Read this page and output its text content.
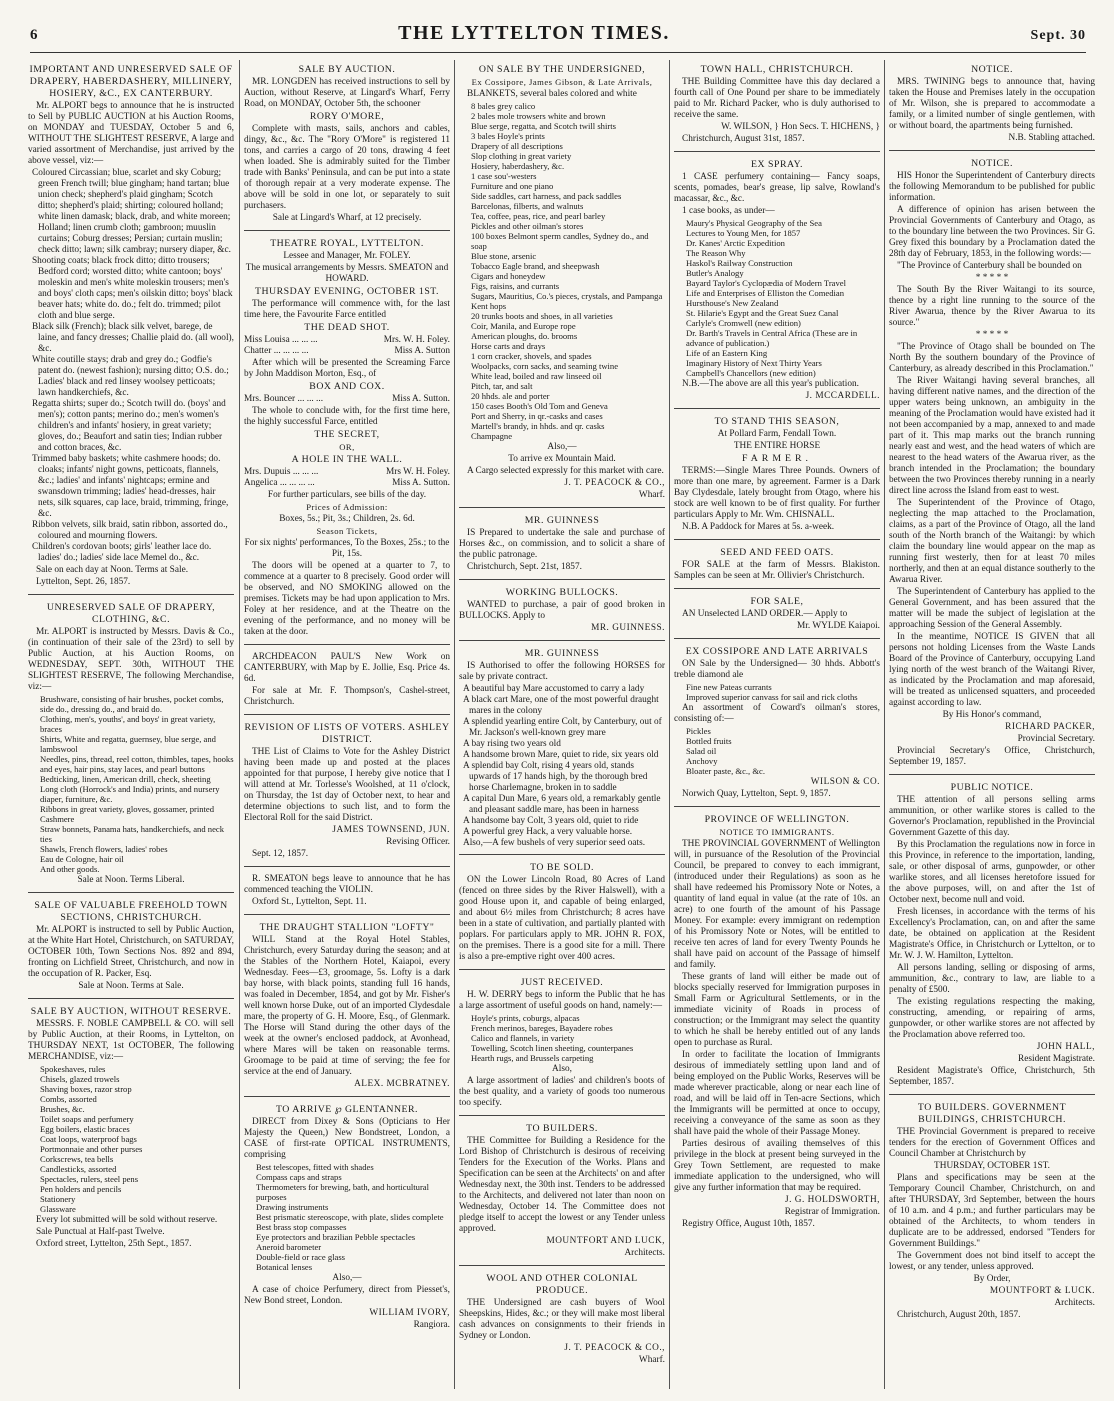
6	THE LYTTELTON TIMES.	Sept. 30
IMPORTANT AND UNRESERVED SALE OF DRAPERY, HABERDASHERY, MILLINERY, HOSIERY, &C., EX CANTERBURY.
Mr. ALPORT begs to announce that he is instructed to Sell by PUBLIC AUCTION at his Auction Rooms, on MONDAY and TUESDAY, October 5 and 6, WITHOUT THE SLIGHTEST RESERVE, A large and varied assortment of Merchandise, just arrived by the above vessel, viz:—
Coloured Circassian; blue, scarlet and sky Coburg; green French twill; blue gingham; hand tartan; blue union check; shepherd's plaid gingham; Scotch ditto; shepherd's plaid; shirting; coloured holland; white linen damask; black, drab, and white moreen; Holland; linen crumb cloth; gambroon; muuslin curtains; Coburg dresses; Persian; curtain muslin; check ditto; lawn; silk cambray; nursery diaper, &c.
Shooting coats; black frock ditto; ditto trousers; Bedford cord; worsted ditto; white cantoon; boys' moleskin and men's white moleskin trousers; men's and boys' cloth caps; men's oilskin ditto; boys' black beaver hats; white do. do.; felt do. trimmed; pilot cloth and blue serge.
Black silk (French); black silk velvet, barege, de laine, and fancy dresses; Challie plaid do. (all wool), &c.
White coutille stays; drab and grey do.; Godfie's patent do. (newest fashion); nursing ditto; O.S. do.; Ladies' black and red linsey woolsey petticoats; lawn handkerchiefs, &c.
Regatta shirts; super do.; Scotch twill do. (boys' and men's); cotton pants; merino do.; men's women's children's and infants' hosiery, in great variety; gloves, do.; Beaufort and satin ties; Indian rubber and cotton braces, &c.
Trimmed baby baskets; white cashmere hoods; do. cloaks; infants' night gowns, petticoats, flannels, &c.; ladies' and infants' nightcaps; ermine and swansdown trimming; ladies' head-dresses, hair nets, silk squares, cap lace, braid, trimming, fringe, &c.
Ribbon velvets, silk braid, satin ribbon, assorted do., coloured and mourning flowers.
Children's cordovan boots; girls' leather lace do. ladies' do.; ladies' side lace Memel do., &c.
Sale on each day at Noon. Terms at Sale.
Lyttelton, Sept. 26, 1857.
UNRESERVED SALE OF DRAPERY, CLOTHING, &C.
Mr. ALPORT is instructed by Messrs. Davis & Co., (in continuation of their sale of the 23rd) to sell by Public Auction, at his Auction Rooms, on WEDNESDAY, SEPT. 30th, WITHOUT THE SLIGHTEST RESERVE, The following Merchandise, viz:—
Brushware, consisting of hair brushes, pocket combs, side do., dressing do., and braid do.
Clothing, men's, youths', and boys' in great variety, braces
Shirts, White and regatta, guernsey, blue serge, and lambswool
Needles, pins, thread, reel cotton, thimbles, tapes, hooks and eyes, hair pins, stay laces, and pearl buttons
Bedticking, linen, American drill, check, sheeting
Long cloth (Horrock's and India) prints, and nursery diaper, furniture, &c.
Ribbons in great variety, gloves, gossamer, printed Cashmere
Straw bonnets, Panama hats, handkerchiefs, and neck ties
Shawls, French flowers, ladies' robes
Eau de Cologne, hair oil
And other goods.
Sale at Noon. Terms Liberal.
SALE OF VALUABLE FREEHOLD TOWN SECTIONS, CHRISTCHURCH.
Mr. ALPORT is instructed to sell by Public Auction, at the White Hart Hotel, Christchurch, on SATURDAY, OCTOBER 10th, Town Sections Nos. 892 and 894, fronting on Lichfield Street, Christchurch, and now in the occupation of R. Packer, Esq.
Sale at Noon. Terms at Sale.
SALE BY AUCTION, WITHOUT RESERVE.
MESSRS. F. NOBLE CAMPBELL & CO. will sell by Public Auction, at their Rooms, in Lyttelton, on THURSDAY NEXT, 1st OCTOBER, The following MERCHANDISE, viz:—
Spokeshaves, rules
Chisels, glazed trowels
Shaving boxes, razor strop
Combs, assorted
Brushes, &c.
Toilet soaps and perfumery
Egg boilers, elastic braces
Coat loops, waterproof bags
Portmonnaie and other purses
Corkscrews, tea bells
Candlesticks, assorted
Spectacles, rulers, steel pens
Pen holders and pencils
Stationery
Glassware
Every lot submitted will be sold without reserve.
Sale Punctual at Half-past Twelve.
Oxford street, Lyttelton, 25th Sept., 1857.
SALE BY AUCTION.
MR. LONGDEN has received instructions to sell by Auction, without Reserve, at Lingard's Wharf, Ferry Road, on MONDAY, October 5th, the schooner
RORY O'MORE,
Complete with masts, sails, anchors and cables, dingy, &c., &c. The "Rory O'More" is registered 11 tons, and carries a cargo of 20 tons, drawing 4 feet when loaded. She is admirably suited for the Timber trade with Banks' Peninsula, and can be put into a state of thorough repair at a very moderate expense. The above will be sold in one lot, or separately to suit purchasers.
Sale at Lingard's Wharf, at 12 precisely.
THEATRE ROYAL, LYTTELTON.
Lessee and Manager, Mr. FOLEY.
The musical arrangements by Messrs. SMEATON and HOWARD.
THURSDAY EVENING, OCTOBER 1ST.
The performance will commence with, for the last time here, the Favourite Farce entitled
THE DEAD SHOT.
Miss Louisa ... ... ...	Mrs. W. H. Foley.
Chatter ... ... ... ...	Miss A. Sutton
After which will be presented the Screaming Farce by John Maddison Morton, Esq., of
BOX AND COX.
Mrs. Bouncer ... ... ...	Miss A. Sutton.
The whole to conclude with, for the first time here, the highly successful Farce, entitled
THE SECRET,
OR,
A HOLE IN THE WALL.
Mrs. Dupuis ... ... ...	Mrs W. H. Foley.
Angelica ... ... ... ...	Miss A. Sutton.
For further particulars, see bills of the day.
Prices of Admission:
Boxes, 5s.; Pit, 3s.; Children, 2s. 6d.
Season Tickets,
For six nights' performances, To the Boxes, 25s.; to the Pit, 15s.
The doors will be opened at a quarter to 7, to commence at a quarter to 8 precisely. Good order will be observed, and NO SMOKING allowed on the premises. Tickets may be had upon application to Mrs. Foley at her residence, and at the Theatre on the evening of the performance, and no money will be taken at the door.
ARCHDEACON PAUL'S New Work on CANTERBURY, with Map by E. Jollie, Esq. Price 4s. 6d.
For sale at Mr. F. Thompson's, Cashel-street, Christchurch.
REVISION OF LISTS OF VOTERS. ASHLEY DISTRICT.
THE List of Claims to Vote for the Ashley District having been made up and posted at the places appointed for that purpose, I hereby give notice that I will attend at Mr. Torlesse's Woolshed, at 11 o'clock, on Thursday, the 1st day of October next, to hear and determine objections to such list, and to form the Electoral Roll for the said District.
JAMES TOWNSEND, JUN.
Revising Officer.
Sept. 12, 1857.
R. SMEATON begs leave to announce that he has commenced teaching the VIOLIN.
Oxford St., Lyttelton, Sept. 11.
THE DRAUGHT STALLION "LOFTY"
WILL Stand at the Royal Hotel Stables, Christchurch, every Saturday during the season; and at the Stables of the Northern Hotel, Kaiapoi, every Wednesday. Fees—£3, groomage, 5s. Lofty is a dark bay horse, with black points, standing full 16 hands, was foaled in December, 1854, and got by Mr. Fisher's well known horse Duke, out of an imported Clydesdale mare, the property of G. H. Moore, Esq., of Glenmark. The Horse will Stand during the other days of the week at the owner's enclosed paddock, at Avonhead, where Mares will be taken on reasonable terms. Groomage to be paid at time of serving; the fee for service at the end of January.
ALEX. MCBRATNEY.
TO ARRIVE ℘ GLENTANNER.
DIRECT from Dixey & Sons (Opticians to Her Majesty the Queen,) New Bondstreet, London, a CASE of first-rate OPTICAL INSTRUMENTS, comprising
Best telescopes, fitted with shades
Compass caps and straps
Thermometers for brewing, bath, and horticultural purposes
Drawing instruments
Best prismatic stereoscope, with plate, slides complete
Best brass stop compasses
Eye protectors and brazilian Pebble spectacles
Aneroid barometer
Double-field or race glass
Botanical lenses
Also,—
A case of choice Perfumery, direct from Piesset's, New Bond street, London.
WILLIAM IVORY,
Rangiora.
ON SALE BY THE UNDERSIGNED,
Ex Cossipore, James Gibson, & Late Arrivals,
BLANKETS, several bales colored and white
8 bales grey calico
2 bales mole trowsers white and brown
Blue serge, regatta, and Scotch twill shirts
3 bales Hoyle's prints
Drapery of all descriptions
Slop clothing in great variety
Hosiery, haberdashery, &c.
1 case sou'-westers
Furniture and one piano
Side saddles, cart harness, and pack saddles
Barcelonas, filberts, and walnuts
Tea, coffee, peas, rice, and pearl barley
Pickles and other oilman's stores
100 boxes Belmont sperm candles, Sydney do., and soap
Blue stone, arsenic
Tobacco Eagle brand, and sheepwash
Cigars and honeydew
Figs, raisins, and currants
Sugars, Mauritius, Co.'s pieces, crystals, and Pampanga
Kent hops
20 trunks boots and shoes, in all varieties
Coir, Manila, and Europe rope
American ploughs, do. brooms
Horse carts and drays
1 corn cracker, shovels, and spades
Woolpacks, corn sacks, and seaming twine
White lead, boiled and raw linseed oil
Pitch, tar, and salt
20 hhds. ale and porter
150 cases Booth's Old Tom and Geneva
Port and Sherry, in qr.-casks and cases
Martell's brandy, in hhds. and qr. casks
Champagne
Also,—
To arrive ex Mountain Maid.
A Cargo selected expressly for this market with care.
J. T. PEACOCK & CO.,
Wharf.
MR. GUINNESS
IS Prepared to undertake the sale and purchase of Horses &c., on commission, and to solicit a share of the public patronage.
Christchurch, Sept. 21st, 1857.
WORKING BULLOCKS.
WANTED to purchase, a pair of good broken in BULLOCKS. Apply to
MR. GUINNESS.
MR. GUINNESS
IS Authorised to offer the following HORSES for sale by private contract.
A beautiful bay Mare accustomed to carry a lady
A black cart Mare, one of the most powerful draught mares in the colony
A splendid yearling entire Colt, by Canterbury, out of Mr. Jackson's well-known grey mare
A bay rising two years old
A handsome brown Mare, quiet to ride, six years old
A splendid bay Colt, rising 4 years old, stands upwards of 17 hands high, by the thorough bred horse Charlemagne, broken in to saddle
A capital Dun Mare, 6 years old, a remarkably gentle and pleasant saddle mare, has been in harness
A handsome bay Colt, 3 years old, quiet to ride
A powerful grey Hack, a very valuable horse.
Also,—A few bushels of very superior seed oats.
TO BE SOLD.
ON the Lower Lincoln Road, 80 Acres of Land (fenced on three sides by the River Halswell), with a good House upon it, and capable of being enlarged, and about 6½ miles from Christchurch; 8 acres have been in a state of cultivation, and partially planted with poplars. For particulars apply to MR. JOHN R. FOX, on the premises. There is a good site for a mill. There is also a pre-emptive right over 400 acres.
JUST RECEIVED.
H. W. DERRY begs to inform the Public that he has a large assortment of useful goods on hand, namely:—
Hoyle's prints, coburgs, alpacas
French merinos, bareges, Bayadere robes
Calico and flannels, in variety
Towelling, Scotch linen sheeting, counterpanes
Hearth rugs, and Brussels carpeting
Also,
A large assortment of ladies' and children's boots of the best quality, and a variety of goods too numerous too specify.
TO BUILDERS.
THE Committee for Building a Residence for the Lord Bishop of Christchurch is desirous of receiving Tenders for the Execution of the Works. Plans and Specification can be seen at the Architects' on and after Wednesday next, the 30th inst. Tenders to be addressed to the Architects, and delivered not later than noon on Wednesday, October 14. The Committee does not pledge itself to accept the lowest or any Tender unless approved.
MOUNTFORT AND LUCK,
Architects.
WOOL AND OTHER COLONIAL PRODUCE.
THE Undersigned are cash buyers of Wool Sheepskins, Hides, &c.; or they will make most liberal cash advances on consignments to their friends in Sydney or London.
J. T. PEACOCK & CO.,
Wharf.
TOWN HALL, CHRISTCHURCH.
THE Building Committee have this day declared a fourth call of One Pound per share to be immediately paid to Mr. Richard Packer, who is duly authorised to receive the same.
W. WILSON, } Hon Secs. T. HICHENS, }
Christchurch, August 31st, 1857.
EX SPRAY.
1 CASE perfumery containing— Fancy soaps, scents, pomades, bear's grease, lip salve, Rowland's macassar, &c., &c.
1 case books, as under—
Maury's Physical Geography of the Sea
Lectures to Young Men, for 1857
Dr. Kanes' Arctic Expedition
The Reason Why
Haskol's Railway Construction
Butler's Analogy
Bayard Taylor's Cyclopædia of Modern Travel
Life and Enterprises of Elliston the Comedian
Hursthouse's New Zealand
St. Hilarie's Egypt and the Great Suez Canal
Carlyle's Cromwell (new edition)
Dr. Barth's Travels in Central Africa (These are in advance of publication.)
Life of an Eastern King
Imaginary History of Next Thirty Years
Campbell's Chancellors (new edition)
N.B.—The above are all this year's publication.
J. MCCARDELL.
TO STAND THIS SEASON,
At Pollard Farm, Fendall Town.
THE ENTIRE HORSE
FARMER.
TERMS:—Single Mares Three Pounds. Owners of more than one mare, by agreement. Farmer is a Dark Bay Clydesdale, lately brought from Otago, where his stock are well known to be of first quality. For further particulars Apply to Mr. Wm. CHISNALL.
N.B. A Paddock for Mares at 5s. a-week.
SEED AND FEED OATS.
FOR SALE at the farm of Messrs. Blakiston. Samples can be seen at Mr. Ollivier's Christchurch.
FOR SALE,
AN Unselected LAND ORDER.— Apply to
Mr. WYLDE Kaiapoi.
EX COSSIPORE AND LATE ARRIVALS
ON Sale by the Undersigned— 30 hhds. Abbott's treble diamond ale
Fine new Pateas currants
Improved superior canvass for sail and rick cloths
An assortment of Coward's oilman's stores, consisting of:—
Pickles
Bottled fruits
Salad oil
Anchovy
Bloater paste, &c., &c.
WILSON & CO.
Norwich Quay, Lyttelton, Sept. 9, 1857.
PROVINCE OF WELLINGTON.
NOTICE TO IMMIGRANTS.
THE PROVINCIAL GOVERNMENT of Wellington will, in pursuance of the Resolution of the Provincial Council, be prepared to convey to each immigrant, (introduced under their Regulations) as soon as he shall have redeemed his Promissory Note or Notes, a quantity of land equal in value (at the rate of 10s. an acre) to one fourth of the amount of his Passage Money. For example: every immigrant on redemption of his Promissory Note or Notes, will be entitled to receive ten acres of land for every Twenty Pounds he shall have paid on account of the Passage of himself and family.
These grants of land will either be made out of blocks specially reserved for Immigration purposes in Small Farm or Agricultural Settlements, or in the immediate vicinity of Roads in process of construction; or the Immigrant may select the quantity to which he shall be hereby entitled out of any lands open to purchase as Rural.
In order to facilitate the location of Immigrants desirous of immediately settling upon land and of being employed on the Public Works, Reserves will be made wherever practicable, along or near each line of road, and will be laid off in Ten-acre Sections, which the Immigrants will be permitted at once to occupy, receiving a conveyance of the same as soon as they shall have paid the whole of their Passage Money.
Parties desirous of availing themselves of this privilege in the block at present being surveyed in the Grey Town Settlement, are requested to make immediate application to the undersigned, who will give any further information that may be required.
J. G. HOLDSWORTH,
Registrar of Immigration.
Registry Office, August 10th, 1857.
NOTICE.
MRS. TWINING begs to announce that, having taken the House and Premises lately in the occupation of Mr. Wilson, she is prepared to accommodate a family, or a limited number of single gentlemen, with or without board, the apartments being furnished.
N.B. Stabling attached.
NOTICE.
HIS Honor the Superintendent of Canterbury directs the following Memorandum to be published for public information.
A difference of opinion has arisen between the Provincial Governments of Canterbury and Otago, as to the boundary line between the two Provinces. Sir G. Grey fixed this boundary by a Proclamation dated the 28th day of February, 1853, in the following words:—
"The Province of Canterbury shall be bounded on
* * * * *
The South By the River Waitangi to its source, thence by a right line running to the source of the River Awarua, thence by the River Awarua to its source."
* * * * *
"The Province of Otago shall be bounded on The North By the southern boundary of the Province of Canterbury, as already described in this Proclamation."
The River Waitangi having several branches, all having different native names, and the direction of the upper waters being unknown, an ambiguity in the meaning of the Proclamation would have existed had it not been accompanied by a map, annexed to and made part of it. This map marks out the branch running nearly east and west, and the head waters of which are nearest to the head waters of the Awarua river, as the branch intended in the Proclamation; the boundary between the two Provinces thereby running in a nearly direct line across the Island from east to west.
The Superintendent of the Province of Otago, neglecting the map attached to the Proclamation, claims, as a part of the Province of Otago, all the land south of the North branch of the Waitangi: by which claim the boundary line would appear on the map as running first westerly, then for at least 70 miles northerly, and then at an equal distance southerly to the Awarua River.
The Superintendent of Canterbury has applied to the General Government, and has been assured that the matter will be made the subject of legislation at the approaching Session of the General Assembly.
In the meantime, NOTICE IS GIVEN that all persons not holding Licenses from the Waste Lands Board of the Province of Canterbury, occupying Land lying north of the west branch of the Waitangi River, as indicated by the Proclamation and map aforesaid, will be treated as unlicensed squatters, and proceeded against according to law.
By His Honor's command,
RICHARD PACKER,
Provincial Secretary.
Provincial Secretary's Office, Christchurch, September 19, 1857.
PUBLIC NOTICE.
THE attention of all persons selling arms ammunition, or other warlike stores is called to the Governor's Proclamation, republished in the Provincial Government Gazette of this day.
By this Proclamation the regulations now in force in this Province, in reference to the importation, landing, sale, or other disposal of arms, gunpowder, or other warlike stores, and all licenses heretofore issued for the above purposes, will, on and after the 1st of October next, become null and void.
Fresh licenses, in accordance with the terms of his Excellency's Proclamation, can, on and after the same date, be obtained on application at the Resident Magistrate's Office, in Christchurch or Lyttelton, or to Mr. W. J. W. Hamilton, Lyttelton.
All persons landing, selling or disposing of arms, ammunition, &c., contrary to law, are liable to a penalty of £500.
The existing regulations respecting the making, constructing, amending, or repairing of arms, gunpowder, or other warlike stores are not affected by the Proclamation above referred too.
JOHN HALL,
Resident Magistrate.
Resident Magistrate's Office, Christchurch, 5th September, 1857.
TO BUILDERS. GOVERNMENT BUILDINGS, CHRISTCHURCH.
THE Provincial Government is prepared to receive tenders for the erection of Government Offices and Council Chamber at Christchurch by
THURSDAY, OCTOBER 1ST.
Plans and specifications may be seen at the Temporary Council Chamber, Christchurch, on and after THURSDAY, 3rd September, between the hours of 10 a.m. and 4 p.m.; and further particulars may be obtained of the Architects, to whom tenders in duplicate are to be addressed, endorsed "Tenders for Government Buildings."
The Government does not bind itself to accept the lowest, or any tender, unless approved.
By Order,
MOUNTFORT & LUCK.
Architects.
Christchurch, August 20th, 1857.
